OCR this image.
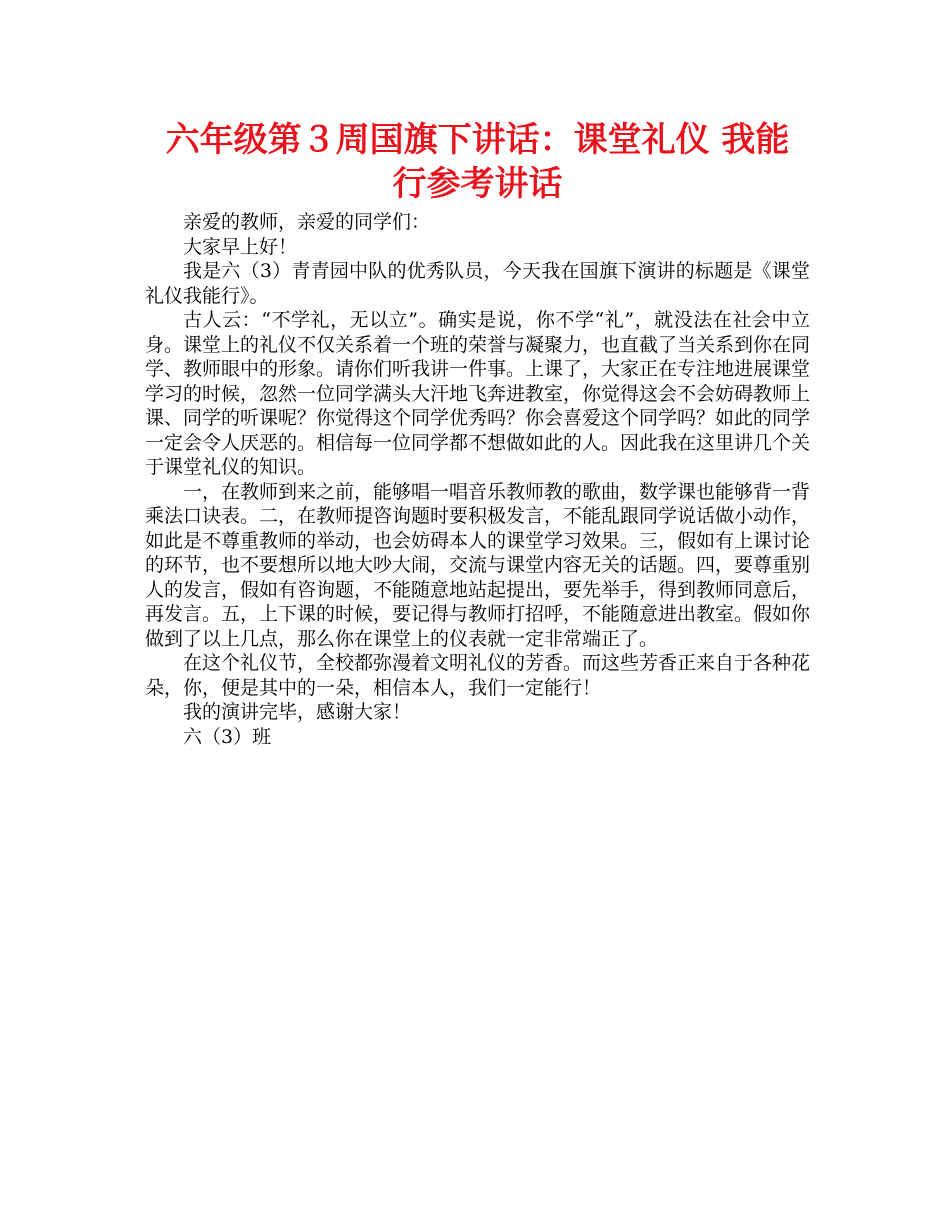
六年级第３周国旗下讲话：课堂礼仪 我能
行参考讲话

亲爱的教师，亲爱的同学们：

大家早上好！

我是六（3）青青园中队的优秀队员，今天我在国旗下演讲的标题是《课堂礼仪我能行》。

古人云：“不学礼，无以立”。确实是说，你不学“礼”，就没法在社会中立身。课堂上的礼仪不仅关系着一个班的荣誉与凝聚力，也直截了当关系到你在同学、教师眼中的形象。请你们听我讲一件事。上课了，大家正在专注地进展课堂学习的时候，忽然一位同学满头大汗地飞奔进教室，你觉得这会不会妨碍教师上课、同学的听课呢？你觉得这个同学优秀吗？你会喜爱这个同学吗？如此的同学一定会令人厌恶的。相信每一位同学都不想做如此的人。因此我在这里讲几个关于课堂礼仪的知识。

一，在教师到来之前，能够唱一唱音乐教师教的歌曲，数学课也能够背一背乘法口诀表。二，在教师提咨询题时要积极发言，不能乱跟同学说话做小动作，如此是不尊重教师的举动，也会妨碍本人的课堂学习效果。三，假如有上课讨论的环节，也不要想所以地大吵大闹，交流与课堂内容无关的话题。四，要尊重别人的发言，假如有咨询题，不能随意地站起提出，要先举手，得到教师同意后，再发言。五，上下课的时候，要记得与教师打招呼，不能随意进出教室。假如你做到了以上几点，那么你在课堂上的仪表就一定非常端正了。

在这个礼仪节，全校都弥漫着文明礼仪的芳香。而这些芳香正来自于各种花朵，你，便是其中的一朵，相信本人，我们一定能行！

我的演讲完毕，感谢大家！

六（3）班
